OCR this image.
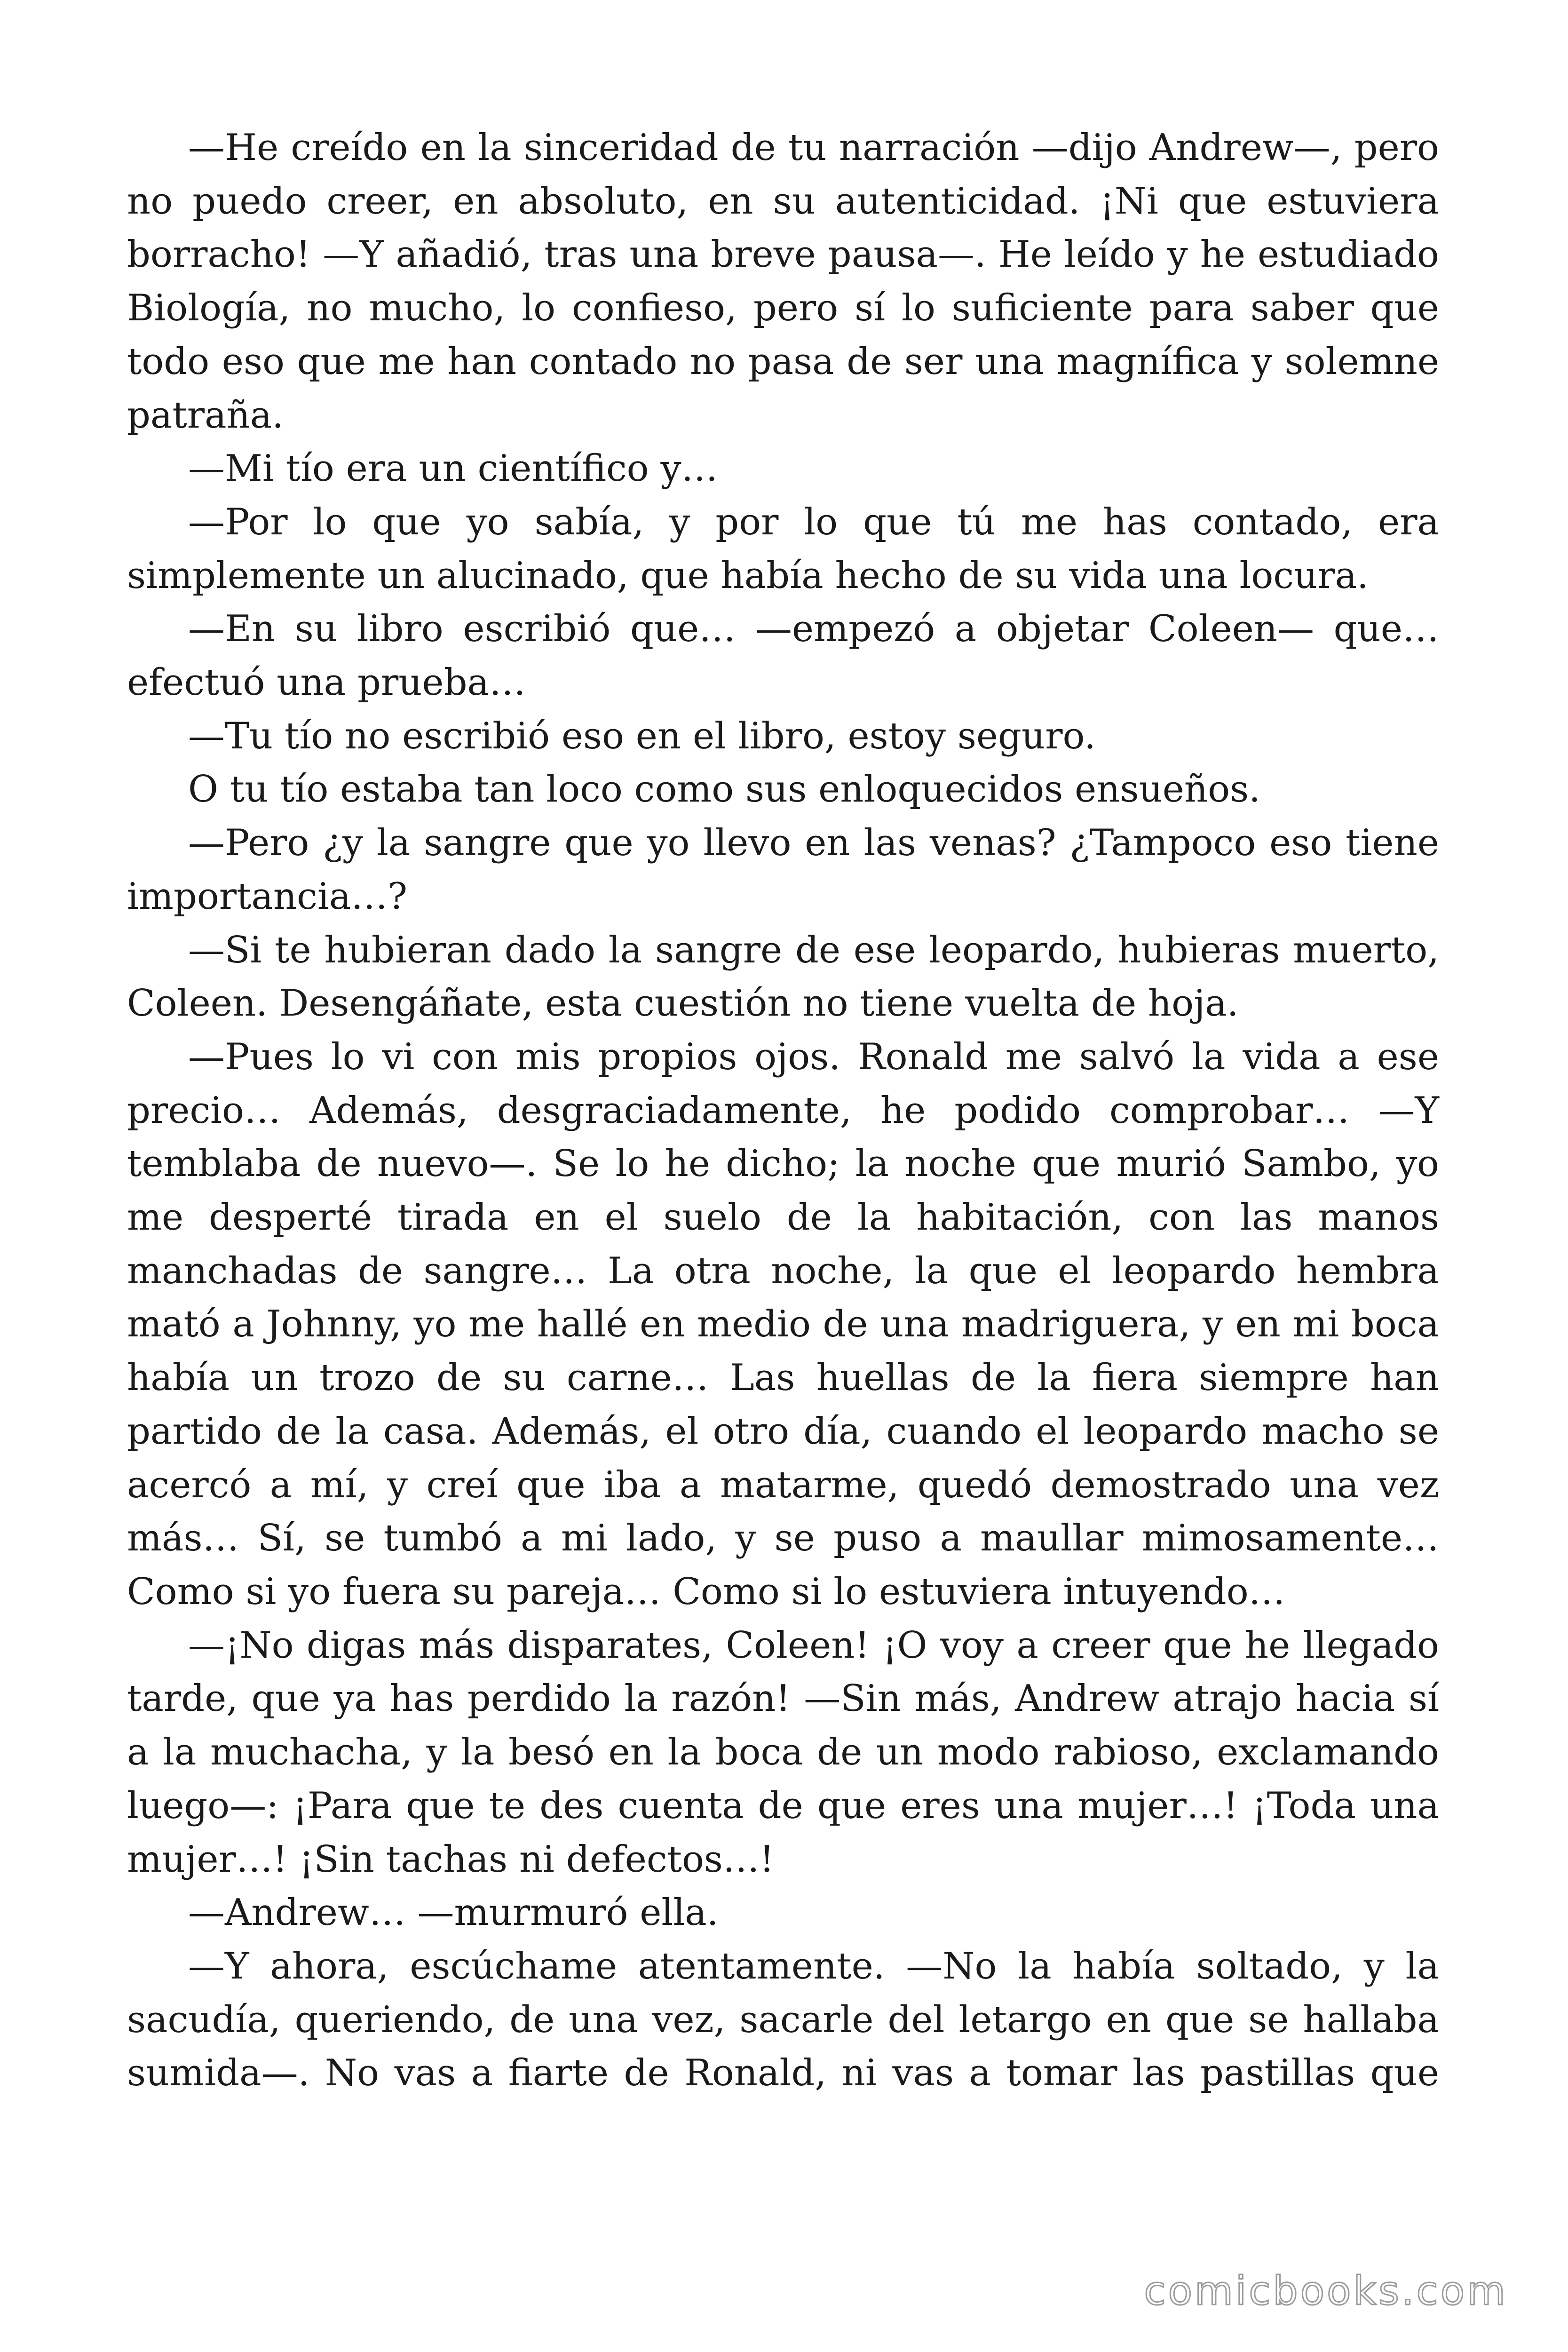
—He creído en la sinceridad de tu narración —dijo Andrew—, pero no puedo creer, en absoluto, en su autenticidad. ¡Ni que estuviera borracho! —Y añadió, tras una breve pausa—. He leído y he estudiado Biología, no mucho, lo confieso, pero sí lo suficiente para saber que todo eso que me han contado no pasa de ser una magnífica y solemne patraña.

—Mi tío era un científico y…

—Por lo que yo sabía, y por lo que tú me has contado, era simplemente un alucinado, que había hecho de su vida una locura.

—En su libro escribió que… —empezó a objetar Coleen— que… efectuó una prueba…

—Tu tío no escribió eso en el libro, estoy seguro.

O tu tío estaba tan loco como sus enloquecidos ensueños.

—Pero ¿y la sangre que yo llevo en las venas? ¿Tampoco eso tiene importancia…?

—Si te hubieran dado la sangre de ese leopardo, hubieras muerto, Coleen. Desengáñate, esta cuestión no tiene vuelta de hoja.

—Pues lo vi con mis propios ojos. Ronald me salvó la vida a ese precio… Además, desgraciadamente, he podido comprobar… —Y temblaba de nuevo—. Se lo he dicho; la noche que murió Sambo, yo me desperté tirada en el suelo de la habitación, con las manos manchadas de sangre… La otra noche, la que el leopardo hembra mató a Johnny, yo me hallé en medio de una madriguera, y en mi boca había un trozo de su carne… Las huellas de la fiera siempre han partido de la casa. Además, el otro día, cuando el leopardo macho se acercó a mí, y creí que iba a matarme, quedó demostrado una vez más… Sí, se tumbó a mi lado, y se puso a maullar mimosamente… Como si yo fuera su pareja… Como si lo estuviera intuyendo…

—¡No digas más disparates, Coleen! ¡O voy a creer que he llegado tarde, que ya has perdido la razón! —Sin más, Andrew atrajo hacia sí a la muchacha, y la besó en la boca de un modo rabioso, exclamando luego—: ¡Para que te des cuenta de que eres una mujer…! ¡Toda una mujer…! ¡Sin tachas ni defectos…!

—Andrew… —murmuró ella.

—Y ahora, escúchame atentamente. —No la había soltado, y la sacudía, queriendo, de una vez, sacarle del letargo en que se hallaba sumida—. No vas a fiarte de Ronald, ni vas a tomar las pastillas que

comicbooks.com
